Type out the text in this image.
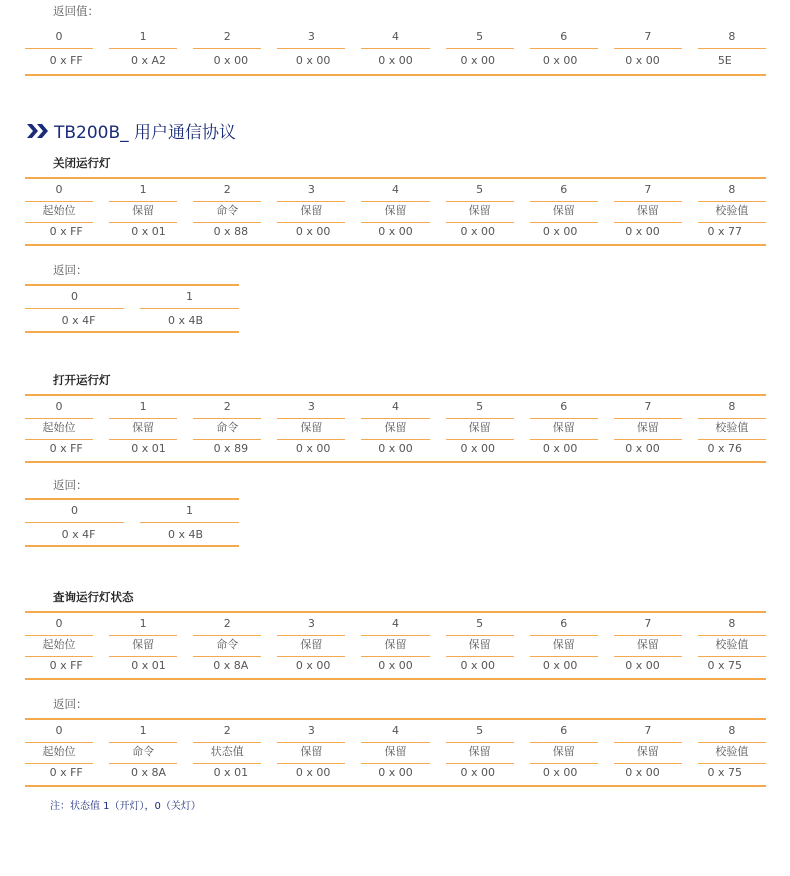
返回值：
0	1	2	3	4	5	6	7	8
0 x FF	0 x A2	0 x 00	0 x 00	0 x 00	0 x 00	0 x 00	0 x 00	5E
TB200B_ 用户通信协议
关闭运行灯
0	1	2	3	4	5	6	7	8
起始位	保留	命令	保留	保留	保留	保留	保留	校验值
0 x FF	0 x 01	0 x 88	0 x 00	0 x 00	0 x 00	0 x 00	0 x 00	0 x 77
返回：
0	1
0 x 4F	0 x 4B
打开运行灯
0	1	2	3	4	5	6	7	8
起始位	保留	命令	保留	保留	保留	保留	保留	校验值
0 x FF	0 x 01	0 x 89	0 x 00	0 x 00	0 x 00	0 x 00	0 x 00	0 x 76
返回：
0	1
0 x 4F	0 x 4B
查询运行灯状态
0	1	2	3	4	5	6	7	8
起始位	保留	命令	保留	保留	保留	保留	保留	校验值
0 x FF	0 x 01	0 x 8A	0 x 00	0 x 00	0 x 00	0 x 00	0 x 00	0 x 75
返回：
0	1	2	3	4	5	6	7	8
起始位	命令	状态值	保留	保留	保留	保留	保留	校验值
0 x FF	0 x 8A	0 x 01	0 x 00	0 x 00	0 x 00	0 x 00	0 x 00	0 x 75
注：状态值 1（开灯），0（关灯）
